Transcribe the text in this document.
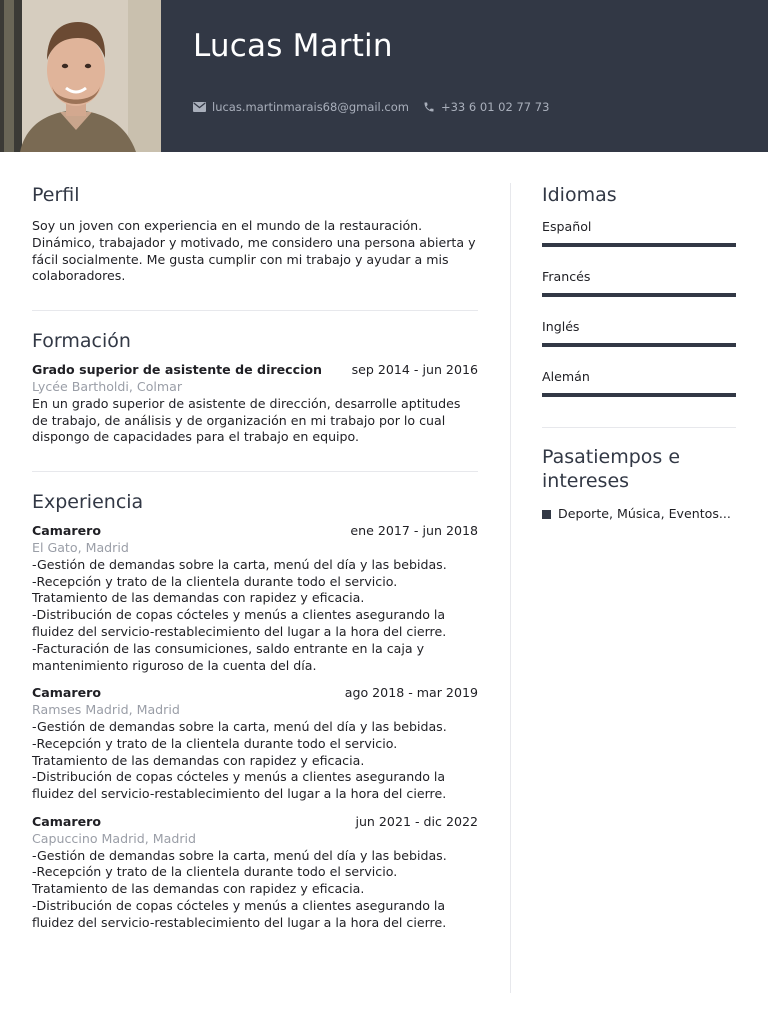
Lucas Martin
lucas.martinmarais68@gmail.com	+33 6 01 02 77 73
Perfil

Soy un joven con experiencia en el mundo de la restauración. Dinámico, trabajador y motivado, me considero una persona abierta y fácil socialmente. Me gusta cumplir con mi trabajo y ayudar a mis colaboradores.

Formación
Grado superior de asistente de direccion sep 2014 - jun 2016
Lycée Bartholdi, Colmar

En un grado superior de asistente de dirección, desarrolle aptitudes de trabajo, de análisis y de organización en mi trabajo por lo cual dispongo de capacidades para el trabajo en equipo.

Experiencia
Camarero	ene 2017 - jun 2018
El Gato, Madrid
-Gestión de demandas sobre la carta, menú del día y las bebidas.
-Recepción y trato de la clientela durante todo el servicio.
Tratamiento de las demandas con rapidez y eficacia.
-Distribución de copas cócteles y menús a clientes asegurando la fluidez del servicio-restablecimiento del lugar a la hora del cierre.
-Facturación de las consumiciones, saldo entrante en la caja y mantenimiento riguroso de la cuenta del día.
Camarero	ago 2018 - mar 2019
Ramses Madrid, Madrid
-Gestión de demandas sobre la carta, menú del día y las bebidas.
-Recepción y trato de la clientela durante todo el servicio.
Tratamiento de las demandas con rapidez y eficacia.
-Distribución de copas cócteles y menús a clientes asegurando la fluidez del servicio-restablecimiento del lugar a la hora del cierre.
Camarero	jun 2021 - dic 2022
Capuccino Madrid, Madrid
-Gestión de demandas sobre la carta, menú del día y las bebidas.
-Recepción y trato de la clientela durante todo el servicio.
Tratamiento de las demandas con rapidez y eficacia.
-Distribución de copas cócteles y menús a clientes asegurando la fluidez del servicio-restablecimiento del lugar a la hora del cierre.
Idiomas
Español
Francés
Inglés
Alemán
Pasatiempos e intereses
Deporte, Música, Eventos...
